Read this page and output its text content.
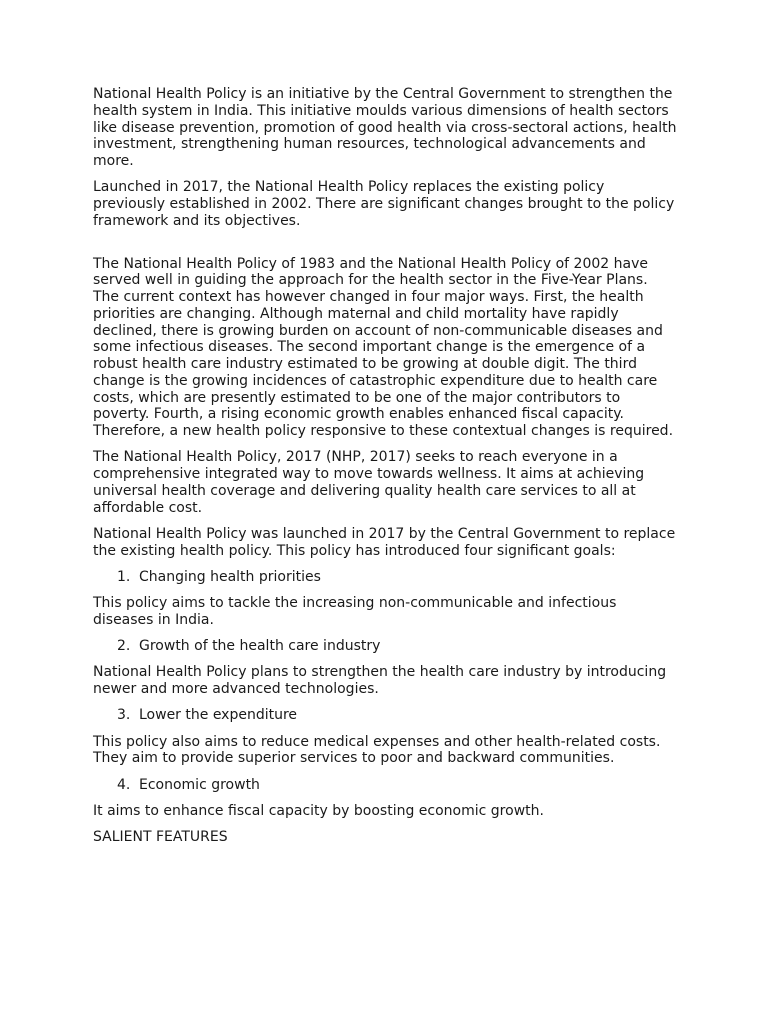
National Health Policy is an initiative by the Central Government to strengthen the health system in India. This initiative moulds various dimensions of health sectors like disease prevention, promotion of good health via cross-sectoral actions, health investment, strengthening human resources, technological advancements and more.

Launched in 2017, the National Health Policy replaces the existing policy previously established in 2002. There are significant changes brought to the policy framework and its objectives.

The National Health Policy of 1983 and the National Health Policy of 2002 have served well in guiding the approach for the health sector in the Five-Year Plans. The current context has however changed in four major ways. First, the health priorities are changing. Although maternal and child mortality have rapidly declined, there is growing burden on account of non-communicable diseases and some infectious diseases. The second important change is the emergence of a robust health care industry estimated to be growing at double digit. The third change is the growing incidences of catastrophic expenditure due to health care costs, which are presently estimated to be one of the major contributors to poverty. Fourth, a rising economic growth enables enhanced fiscal capacity. Therefore, a new health policy responsive to these contextual changes is required.

The National Health Policy, 2017 (NHP, 2017) seeks to reach everyone in a comprehensive integrated way to move towards wellness. It aims at achieving universal health coverage and delivering quality health care services to all at affordable cost.

National Health Policy was launched in 2017 by the Central Government to replace the existing health policy. This policy has introduced four significant goals:

1. Changing health priorities

This policy aims to tackle the increasing non-communicable and infectious diseases in India.

2. Growth of the health care industry

National Health Policy plans to strengthen the health care industry by introducing newer and more advanced technologies.

3. Lower the expenditure

This policy also aims to reduce medical expenses and other health-related costs. They aim to provide superior services to poor and backward communities.

4. Economic growth

It aims to enhance fiscal capacity by boosting economic growth.

SALIENT FEATURES
